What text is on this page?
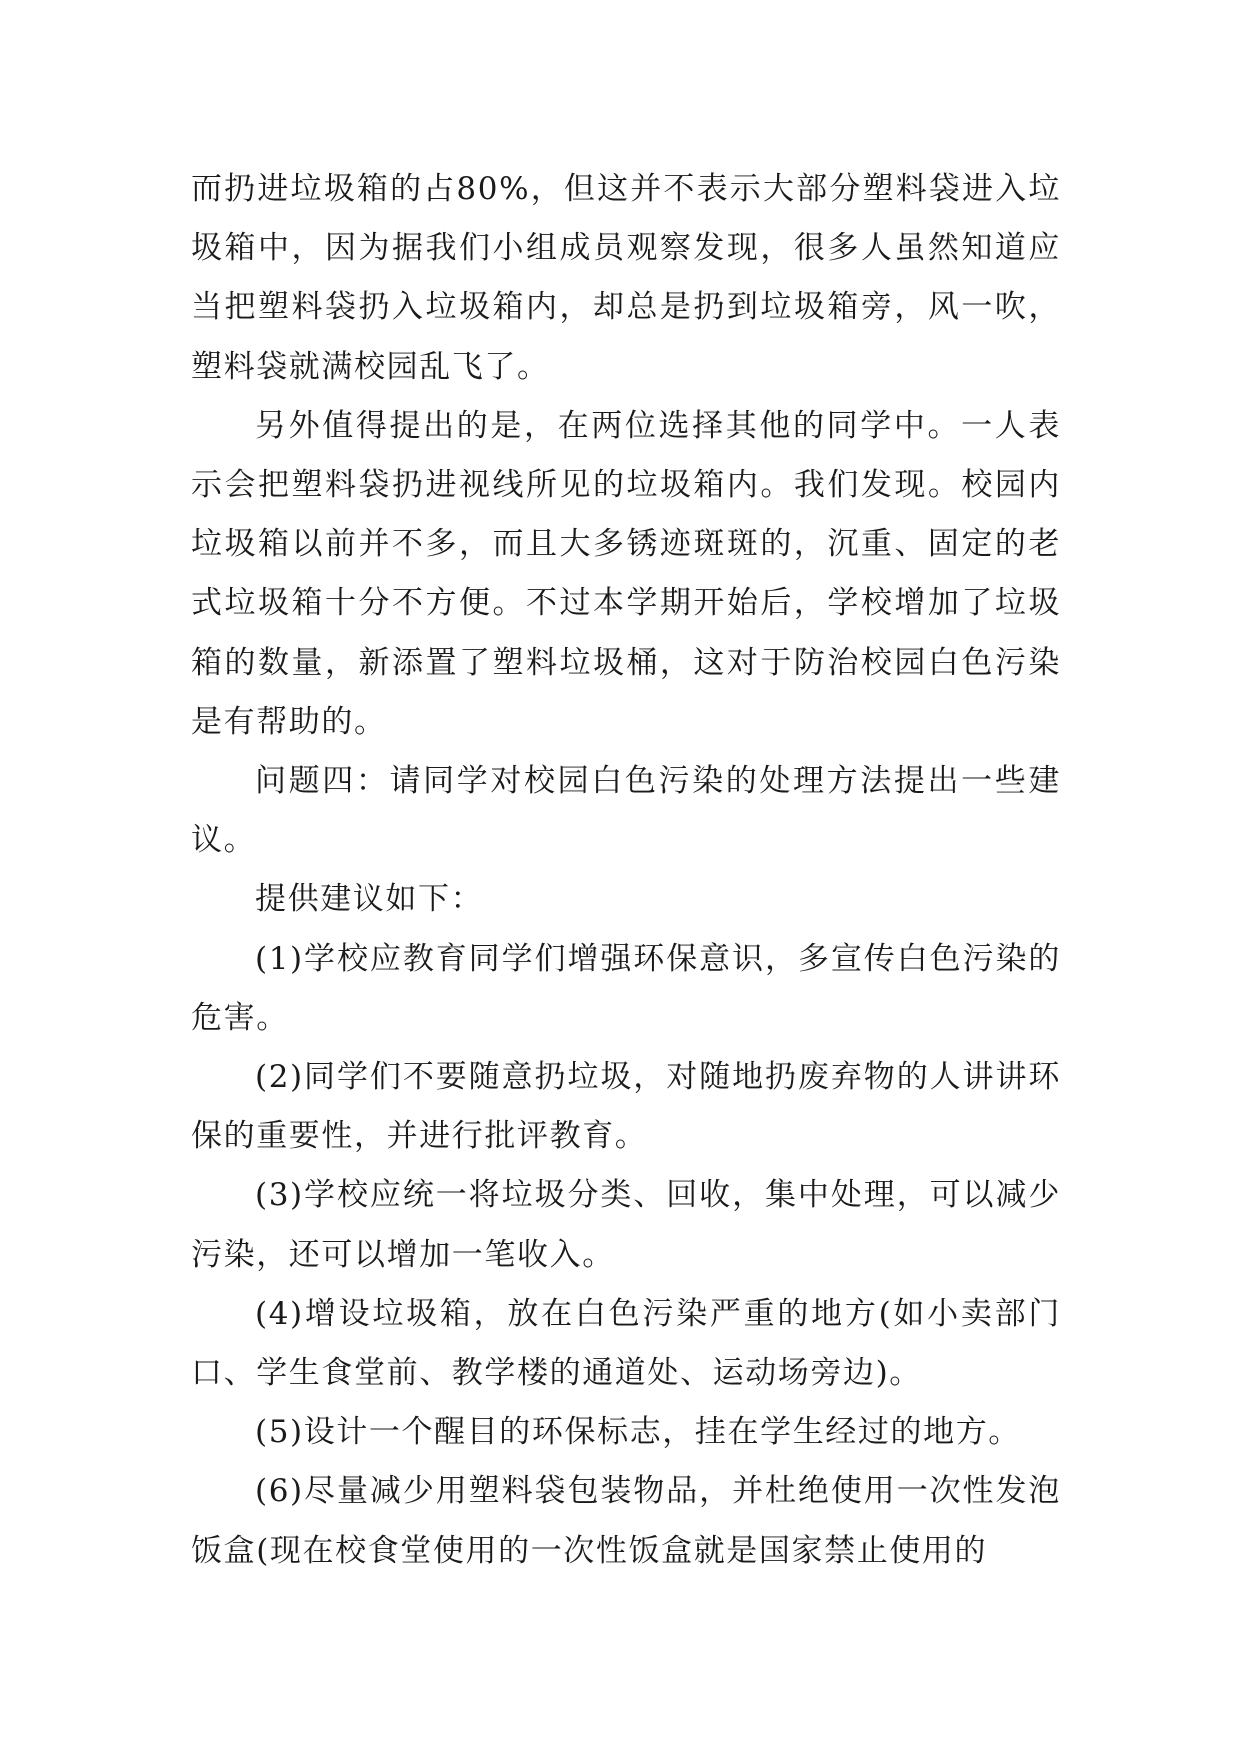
而扔进垃圾箱的占80%，但这并不表示大部分塑料袋进入垃圾箱中，因为据我们小组成员观察发现，很多人虽然知道应当把塑料袋扔入垃圾箱内，却总是扔到垃圾箱旁，风一吹，塑料袋就满校园乱飞了。

另外值得提出的是，在两位选择其他的同学中。一人表示会把塑料袋扔进视线所见的垃圾箱内。我们发现。校园内垃圾箱以前并不多，而且大多锈迹斑斑的，沉重、固定的老式垃圾箱十分不方便。不过本学期开始后，学校增加了垃圾箱的数量，新添置了塑料垃圾桶，这对于防治校园白色污染是有帮助的。

问题四：请同学对校园白色污染的处理方法提出一些建议。

提供建议如下：

(1)学校应教育同学们增强环保意识，多宣传白色污染的危害。

(2)同学们不要随意扔垃圾，对随地扔废弃物的人讲讲环保的重要性，并进行批评教育。

(3)学校应统一将垃圾分类、回收，集中处理，可以减少污染，还可以增加一笔收入。

(4)增设垃圾箱，放在白色污染严重的地方(如小卖部门口、学生食堂前、教学楼的通道处、运动场旁边)。

(5)设计一个醒目的环保标志，挂在学生经过的地方。

(6)尽量减少用塑料袋包装物品，并杜绝使用一次性发泡饭盒(现在校食堂使用的一次性饭盒就是国家禁止使用的
